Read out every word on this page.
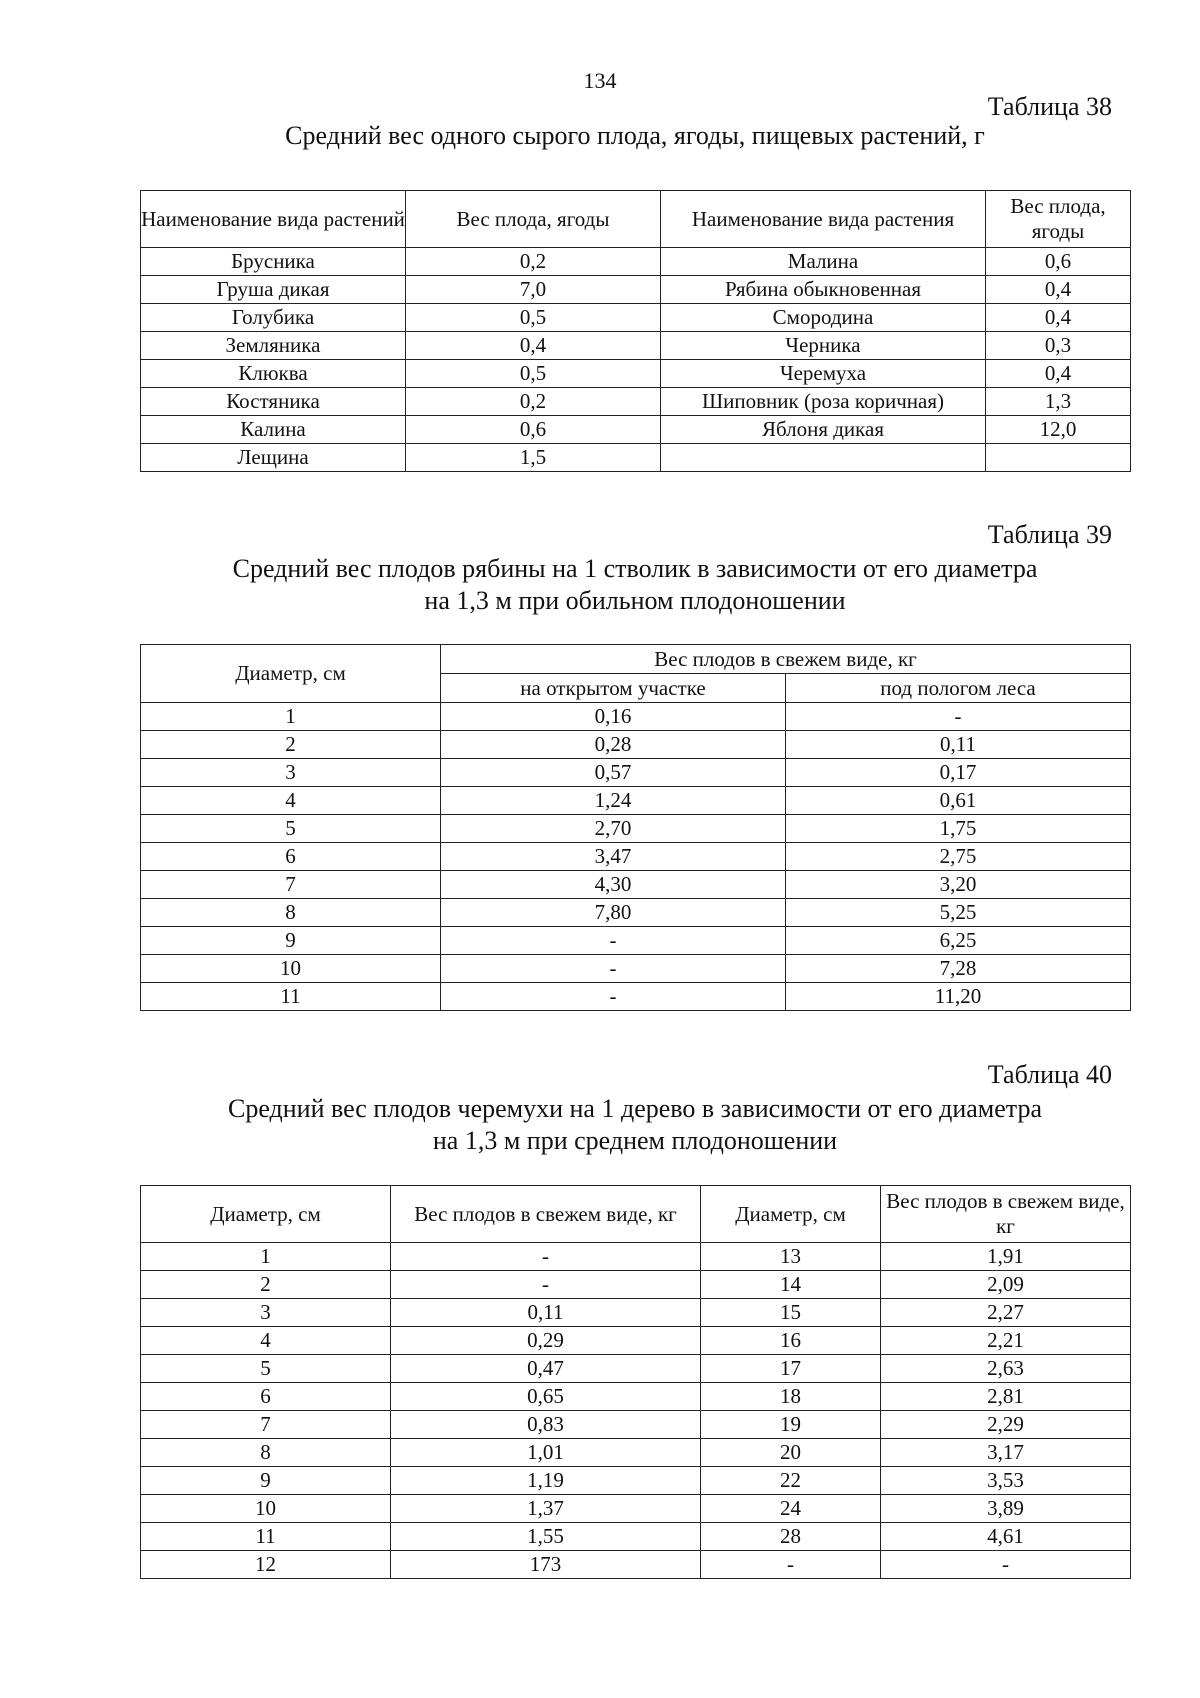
134
Таблица 38
Средний вес одного сырого плода, ягоды, пищевых растений, г
Наименование вида растений	Вес плода, ягоды	Наименование вида растения	Вес плода, ягоды
Брусника	0,2	Малина	0,6
Груша дикая	7,0	Рябина обыкновенная	0,4
Голубика	0,5	Смородина	0,4
Земляника	0,4	Черника	0,3
Клюква	0,5	Черемуха	0,4
Костяника	0,2	Шиповник (роза коричная)	1,3
Калина	0,6	Яблоня дикая	12,0
Лещина	1,5		
Таблица 39
Средний вес плодов рябины на 1 стволик в зависимости от его диаметра
на 1,3 м при обильном плодоношении
Диаметр, см	Вес плодов в свежем виде, кг	
	на открытом участке	под пологом леса
1	0,16	-
2	0,28	0,11
3	0,57	0,17
4	1,24	0,61
5	2,70	1,75
6	3,47	2,75
7	4,30	3,20
8	7,80	5,25
9	-	6,25
10	-	7,28
11	-	11,20
Таблица 40
Средний вес плодов черемухи на 1 дерево в зависимости от его диаметра
на 1,3 м при среднем плодоношении
Диаметр, см	Вес плодов в свежем виде, кг	Диаметр, см	Вес плодов в свежем виде, кг
1	-	13	1,91
2	-	14	2,09
3	0,11	15	2,27
4	0,29	16	2,21
5	0,47	17	2,63
6	0,65	18	2,81
7	0,83	19	2,29
8	1,01	20	3,17
9	1,19	22	3,53
10	1,37	24	3,89
11	1,55	28	4,61
12	173	-	-
